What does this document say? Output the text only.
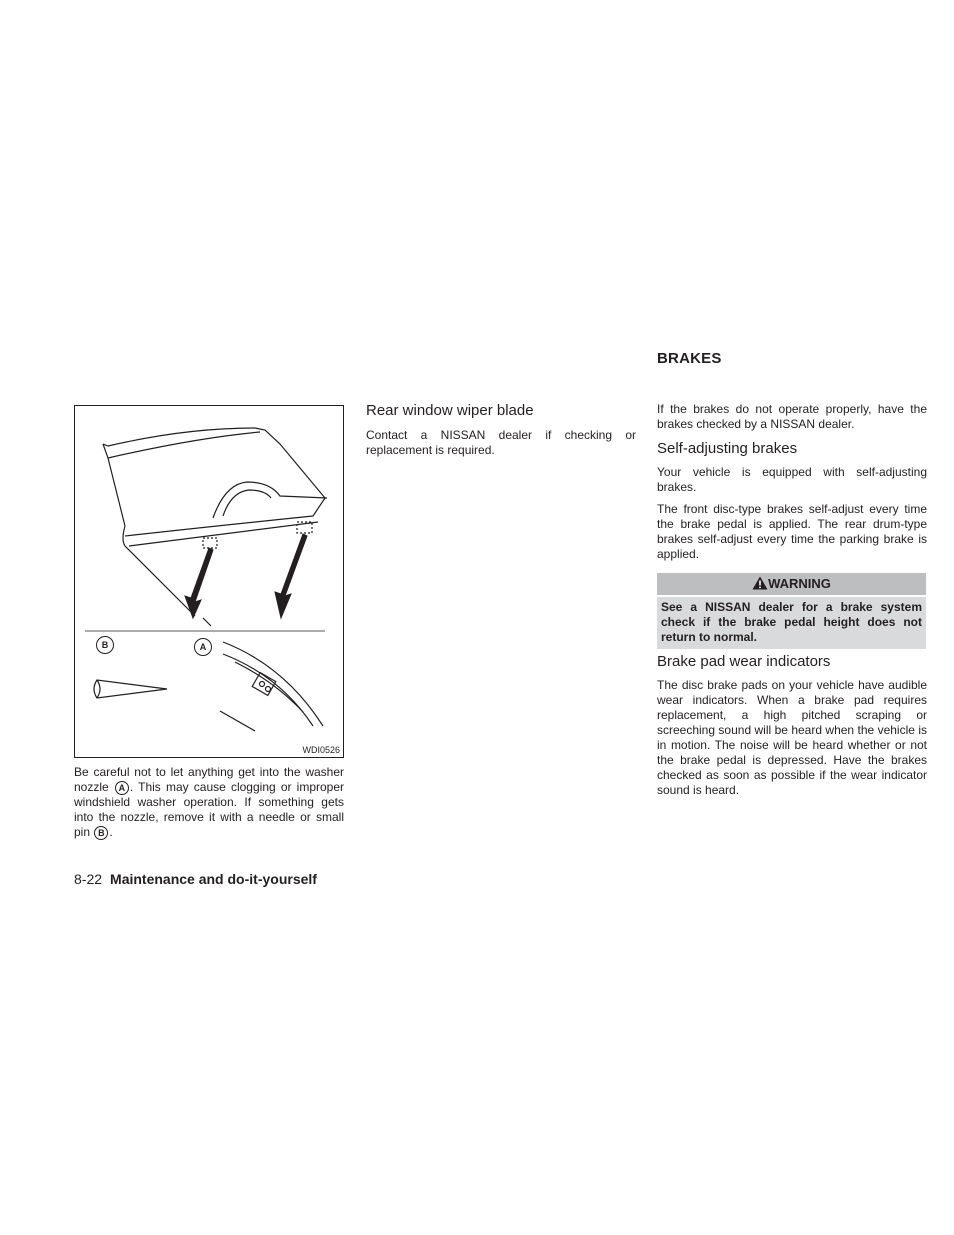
B	A
WDI0526

Be careful not to let anything get into the washer nozzle A . This may cause clogging or improper windshield washer operation. If something gets into the nozzle, remove it with a needle or small pin B .

Rear window wiper blade

Contact a NISSAN dealer if checking or replacement is required.

BRAKES

If the brakes do not operate properly, have the brakes checked by a NISSAN dealer.

Self-adjusting brakes

Your vehicle is equipped with self-adjusting brakes.

The front disc-type brakes self-adjust every time the brake pedal is applied. The rear drum-type brakes self-adjust every time the parking brake is applied.

WARNING
See a NISSAN dealer for a brake system check if the brake pedal height does not return to normal.
Brake pad wear indicators

The disc brake pads on your vehicle have audible wear indicators. When a brake pad requires replacement, a high pitched scraping or screeching sound will be heard when the vehicle is in motion. The noise will be heard whether or not the brake pedal is depressed. Have the brakes checked as soon as possible if the wear indicator sound is heard.

8-22 Maintenance and do-it-yourself
